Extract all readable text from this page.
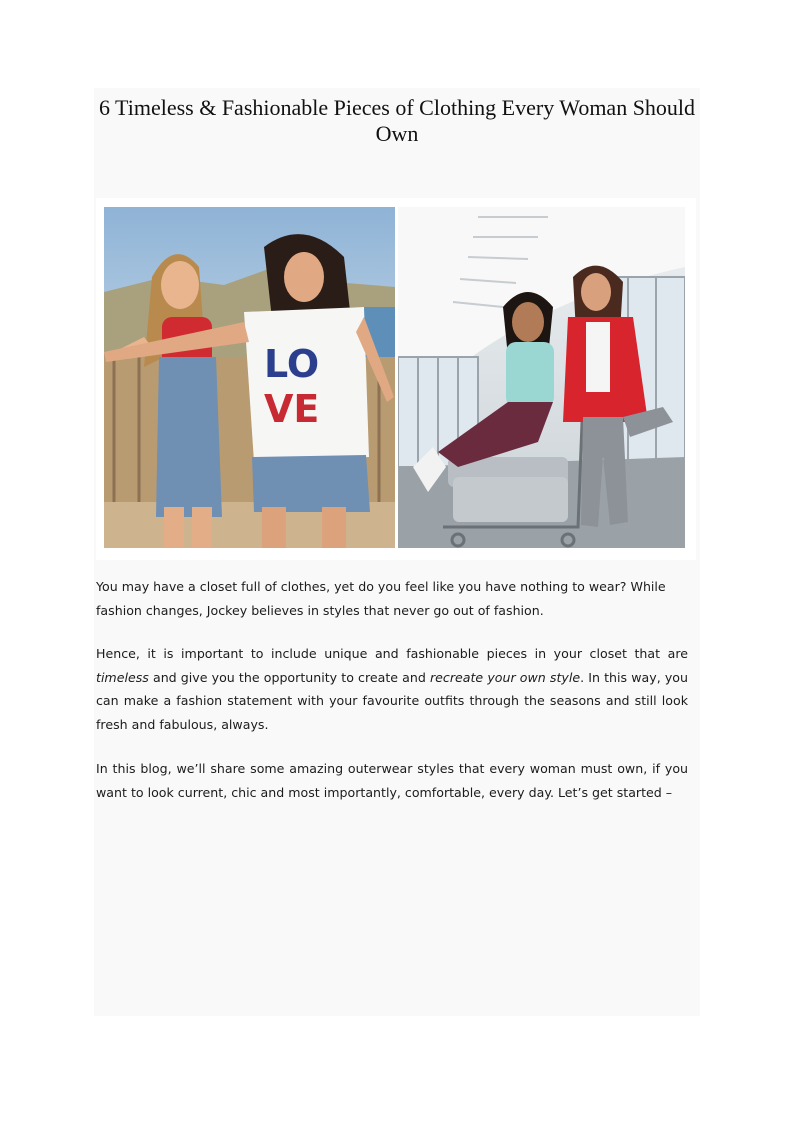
6 Timeless & Fashionable Pieces of Clothing Every Woman Should Own
LO
VE

You may have a closet full of clothes, yet do you feel like you have nothing to wear? While fashion changes, Jockey believes in styles that never go out of fashion.

Hence, it is important to include unique and fashionable pieces in your closet that are timeless and give you the opportunity to create and recreate your own style. In this way, you can make a fashion statement with your favourite outfits through the seasons and still look fresh and fabulous, always.

In this blog, we’ll share some amazing outerwear styles that every woman must own, if you want to look current, chic and most importantly, comfortable, every day. Let’s get started –
